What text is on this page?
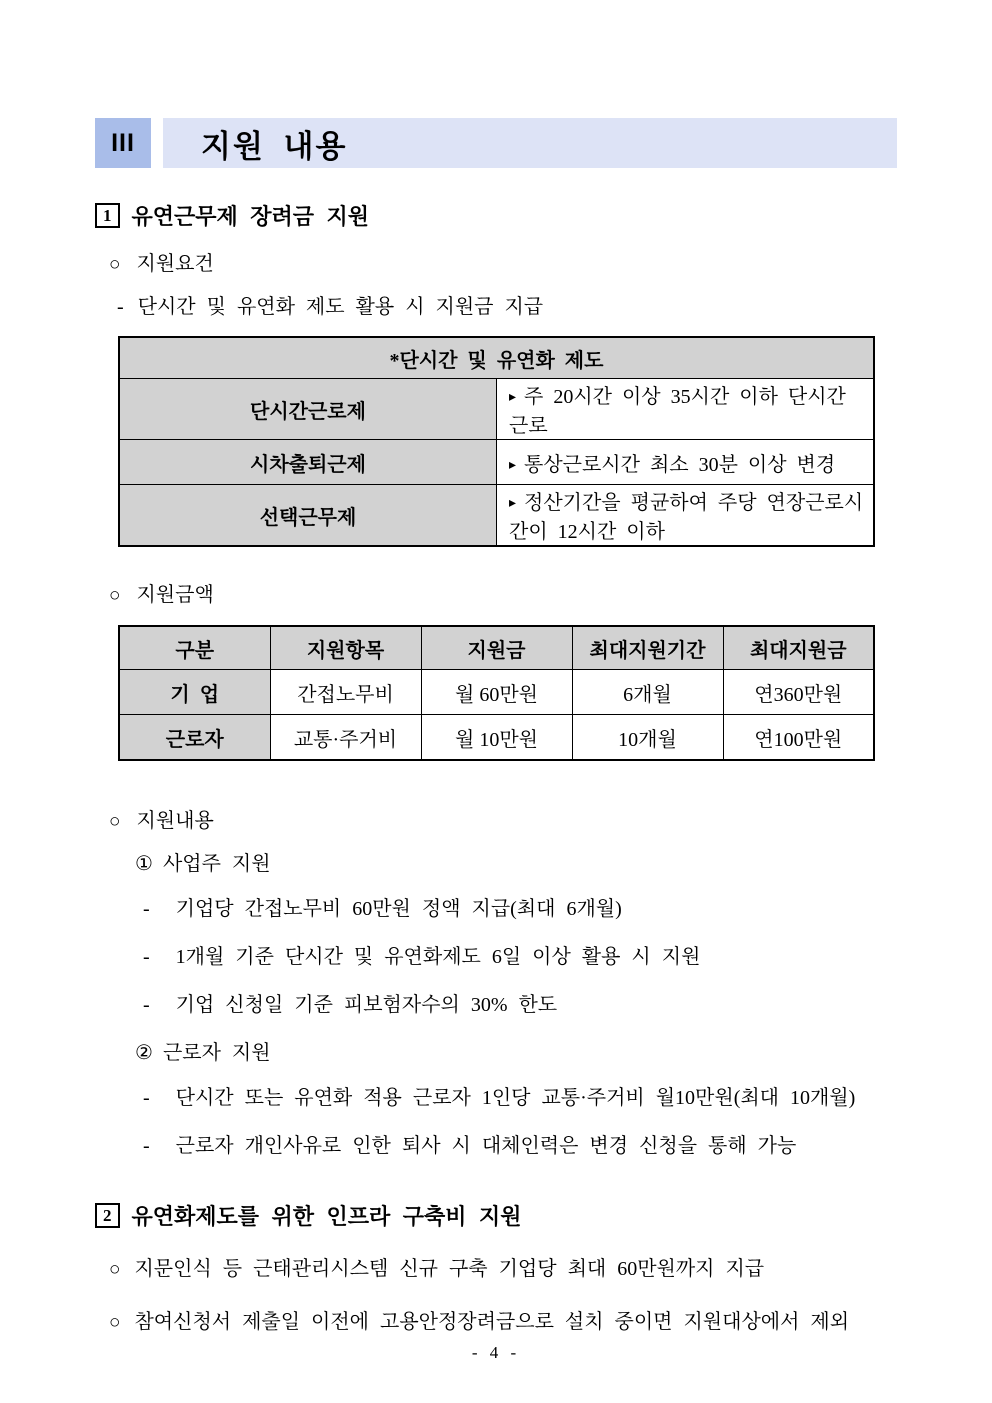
III	지원 내용
1 유연근무제 장려금 지원
○ 지원요건
- 단시간 및 유연화 제도 활용 시 지원금 지급
*단시간 및 유연화 제도	
단시간근로제	▸ 주 20시간 이상 35시간 이하 단시간 근로
시차출퇴근제	▸ 통상근로시간 최소 30분 이상 변경
선택근무제	▸ 정산기간을 평균하여 주당 연장근로시간이 12시간 이하
○ 지원금액
구분	지원항목	지원금	최대지원기간	최대지원금
기  업	간접노무비	월 60만원	6개월	연360만원
근로자	교통·주거비	월 10만원	10개월	연100만원
○ 지원내용
① 사업주 지원
- 기업당 간접노무비 60만원 정액 지급(최대 6개월)
- 1개월 기준 단시간 및 유연화제도 6일 이상 활용 시 지원
- 기업 신청일 기준 피보험자수의 30% 한도
② 근로자 지원
- 단시간 또는 유연화 적용 근로자 1인당 교통·주거비 월10만원(최대 10개월)
- 근로자 개인사유로 인한 퇴사 시 대체인력은 변경 신청을 통해 가능
2 유연화제도를 위한 인프라 구축비 지원
○ 지문인식 등 근태관리시스템 신규 구축 기업당 최대 60만원까지 지급
○ 참여신청서 제출일 이전에 고용안정장려금으로 설치 중이면 지원대상에서 제외
- 4 -
